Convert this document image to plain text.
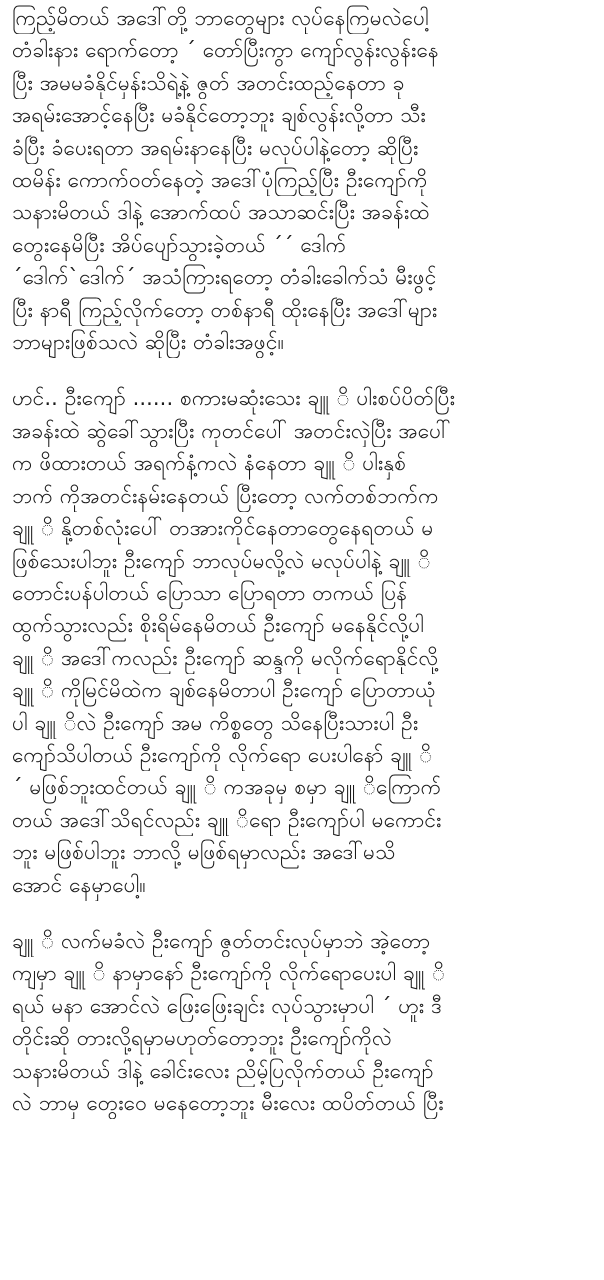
ကြည့်မိတယ် အဒေါ်တို့ ဘာတွေများ လုပ်နေကြမလဲပေါ့
တံခါးနား ရောက်တော့ ´ တော်ပြီးကွာ ကျော်လွန်းလွန်းနေ
ပြီး အမမခံနိုင်မှန်းသိရဲ့နဲ့ ဇွတ် အတင်းထည့်နေတာ ခု
အရမ်းအောင့်နေပြီး မခံနိုင်တော့ဘူး ချစ်လွန်းလို့တာ သီး
ခံပြီး ခံပေးရတာ အရမ်းနာနေပြီး မလုပ်ပါနဲ့တော့ ဆိုပြီး
ထမိန်း ကောက်ဝတ်နေတဲ့ အဒေါ်ပုံကြည့်ပြီး ဦးကျော်ကို
သနားမိတယ် ဒါနဲ့ အောက်ထပ် အသာဆင်းပြီး အခန်းထဲ
တွေးနေမိပြီး အိပ်ပျော်သွားခဲ့တယ် ´´ ဒေါက်
´ဒေါက်`ဒေါက်´ အသံကြားရတော့ တံခါးခေါက်သံ မီးဖွင့်
ပြီး နာရီ ကြည့်လိုက်တော့ တစ်နာရီ ထိုးနေပြီး အဒေါ်များ
ဘာများဖြစ်သလဲ ဆိုပြီး တံခါးအဖွင့်။
ဟင်.. ဦးကျော် ...... စကားမဆုံးသေး ချူ ိ ပါးစပ်ပိတ်ပြီး
အခန်းထဲ ဆွဲခေါ်သွားပြီး ကုတင်ပေါ် အတင်းလှဲပြီး အပေါ်
က ဖိထားတယ် အရက်နံ့ကလဲ နံနေတာ ချူ ိ ပါးနှစ်
ဘက် ကိုအတင်းနမ်းနေတယ် ပြီးတော့ လက်တစ်ဘက်က
ချူ ိ နို့တစ်လုံးပေါ် တအားကိုင်နေတာတွေနေရတယ် မ
ဖြစ်သေးပါဘူး ဦးကျော် ဘာလုပ်မလို့လဲ မလုပ်ပါနဲ့ ချူ ိ
တောင်းပန်ပါတယ် ပြောသာ ပြောရတာ တကယ် ပြန်
ထွက်သွားလည်း စိုးရိမ်နေမိတယ် ဦးကျော် မနေနိုင်လို့ပါ
ချူ ိ အဒေါ်ကလည်း ဦးကျော် ဆန္ဒကို မလိုက်ရောနိုင်လို့
ချူ ိ ကိုမြင်မိထဲက ချစ်နေမိတာပါ ဦးကျော် ပြောတာယုံ
ပါ ချူ ိလဲ ဦးကျော် အမ ကိစ္စတွေ သိနေပြီးသားပါ ဦး
ကျော်သိပါတယ် ဦးကျော်ကို လိုက်ရော ပေးပါနော် ချူ ိ
´ မဖြစ်ဘူးထင်တယ် ချူ ိ ကအခုမှ စမှာ ချူ ိကြောက်
တယ် အဒေါ်သိရင်လည်း ချူ ိရော ဦးကျော်ပါ မကောင်း
ဘူး မဖြစ်ပါဘူး ဘာလို့ မဖြစ်ရမှာလည်း အဒေါ်မသိ
အောင် နေမှာပေါ့။
ချူ ိ လက်မခံလဲ ဦးကျော် ဇွတ်တင်းလုပ်မှာဘဲ အဲ့တော့
ကျမှာ ချူ ိ နာမှာနော် ဦးကျော်ကို လိုက်ရောပေးပါ ချူ ိ
ရယ် မနာ အောင်လဲ ဖြေးဖြေးချင်း လုပ်သွားမှာပါ ´ ဟူး ဒီ
တိုင်းဆို တားလို့ရမှာမဟုတ်တော့ဘူး ဦးကျော်ကိုလဲ
သနားမိတယ် ဒါနဲ့ ခေါင်းလေး ညိမ့်ပြလိုက်တယ် ဦးကျော်
လဲ ဘာမှ တွေးဝေ မနေတော့ဘူး မီးလေး ထပိတ်တယ် ပြီး
